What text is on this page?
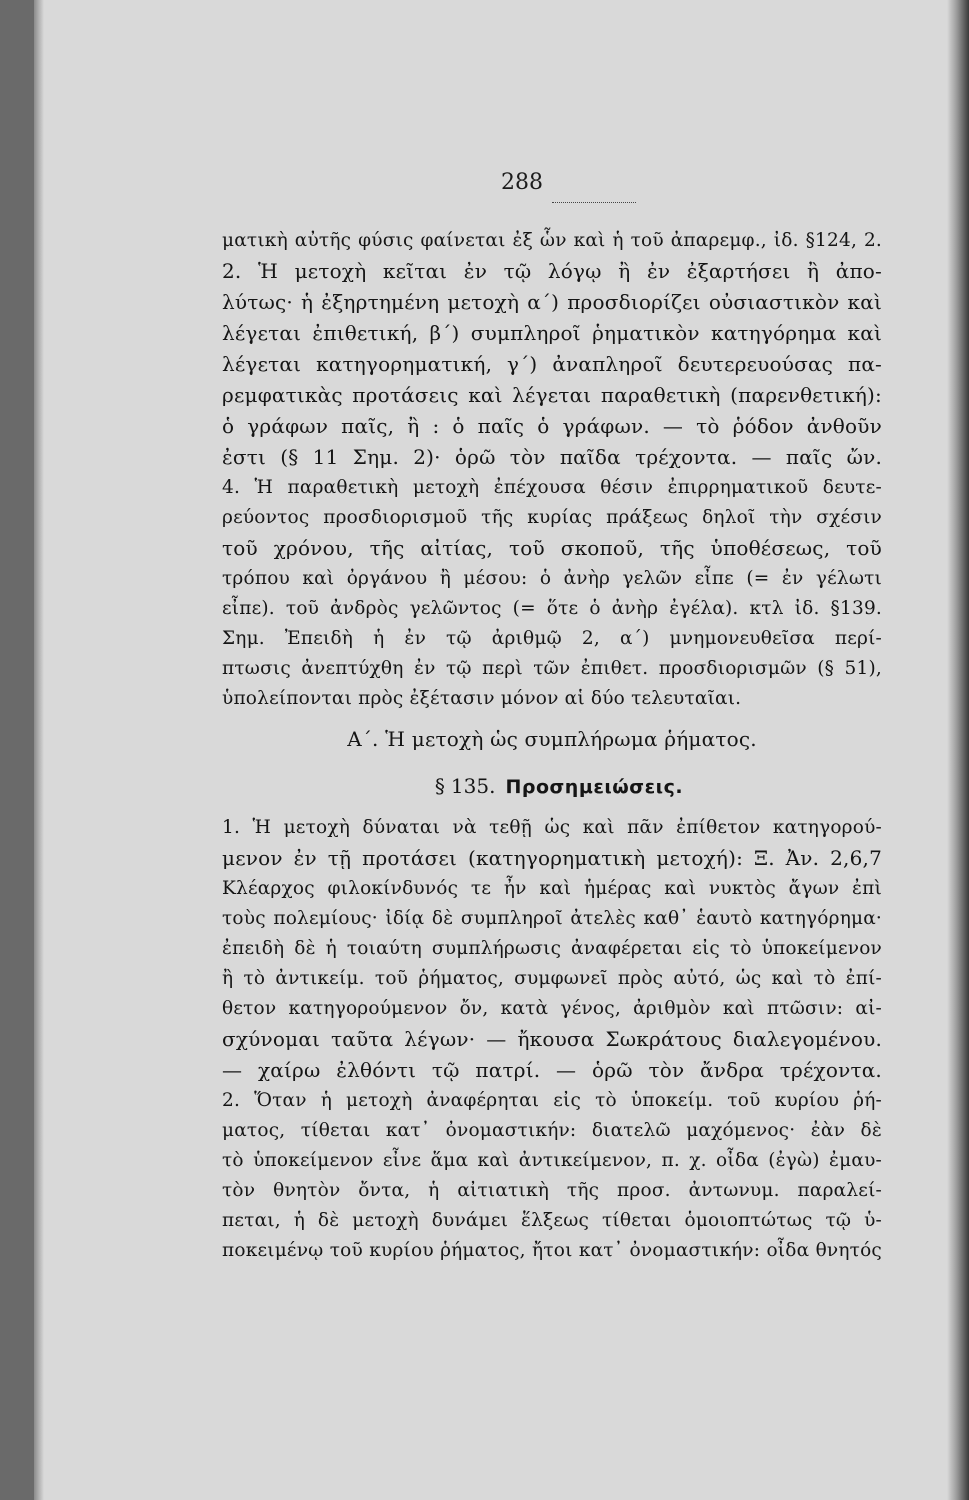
288
ματικὴ αὐτῆς φύσις φαίνεται ἐξ ὧν καὶ ἡ τοῦ ἀπαρεμφ., ἰδ. §124, 2.
2. Ἡ μετοχὴ κεῖται ἐν τῷ λόγῳ ἢ ἐν ἐξαρτήσει ἢ ἀπο-
λύτως· ἡ ἐξηρτημένη μετοχὴ α΄) προσδιορίζει οὐσιαστικὸν καὶ
λέγεται ἐπιθετική, β΄) συμπληροῖ ῥηματικὸν κατηγόρημα καὶ
λέγεται κατηγορηματική, γ΄) ἀναπληροῖ δευτερευούσας πα-
ρεμφατικὰς προτάσεις καὶ λέγεται παραθετικὴ (παρενθετική):
ὁ γράφων παῖς, ἢ : ὁ παῖς ὁ γράφων. — τὸ ῥόδον ἀνθοῦν
ἐστι (§ 11 Σημ. 2)· ὁρῶ τὸν παῖδα τρέχοντα. — παῖς ὤν.
4. Ἡ παραθετικὴ μετοχὴ ἐπέχουσα θέσιν ἐπιρρηματικοῦ δευτε-
ρεύοντος προσδιορισμοῦ τῆς κυρίας πράξεως δηλοῖ τὴν σχέσιν
τοῦ χρόνου, τῆς αἰτίας, τοῦ σκοποῦ, τῆς ὑποθέσεως, τοῦ
τρόπου καὶ ὀργάνου ἢ μέσου: ὁ ἀνὴρ γελῶν εἶπε (= ἐν γέλωτι
εἶπε). τοῦ ἀνδρὸς γελῶντος (= ὅτε ὁ ἀνὴρ ἐγέλα). κτλ ἰδ. §139.
Σημ. Ἐπειδὴ ἡ ἐν τῷ ἀριθμῷ 2, α΄) μνημονευθεῖσα περί-
πτωσις ἀνεπτύχθη ἐν τῷ περὶ τῶν ἐπιθετ. προσδιορισμῶν (§ 51),
ὑπολείπονται πρὸς ἐξέτασιν μόνον αἱ δύο τελευταῖαι.
Α΄. Ἡ μετοχὴ ὡς συμπλήρωμα ῥήματος.
§ 135. Προσημειώσεις.
1. Ἡ μετοχὴ δύναται νὰ τεθῇ ὡς καὶ πᾶν ἐπίθετον κατηγορού-
μενον ἐν τῇ προτάσει (κατηγορηματικὴ μετοχή): Ξ. Ἀν. 2,6,7
Κλέαρχος φιλοκίνδυνός τε ἦν καὶ ἡμέρας καὶ νυκτὸς ἄγων ἐπὶ
τοὺς πολεμίους· ἰδίᾳ δὲ συμπληροῖ ἀτελὲς καθ᾽ ἑαυτὸ κατηγόρημα·
ἐπειδὴ δὲ ἡ τοιαύτη συμπλήρωσις ἀναφέρεται εἰς τὸ ὑποκείμενον
ἢ τὸ ἀντικείμ. τοῦ ῥήματος, συμφωνεῖ πρὸς αὐτό, ὡς καὶ τὸ ἐπί-
θετον κατηγορούμενον ὄν, κατὰ γένος, ἀριθμὸν καὶ πτῶσιν: αἰ-
σχύνομαι ταῦτα λέγων· — ἤκουσα Σωκράτους διαλεγομένου.
— χαίρω ἐλθόντι τῷ πατρί. — ὁρῶ τὸν ἄνδρα τρέχοντα.
2. Ὅταν ἡ μετοχὴ ἀναφέρηται εἰς τὸ ὑποκείμ. τοῦ κυρίου ῥή-
ματος, τίθεται κατ᾽ ὀνομαστικήν: διατελῶ μαχόμενος· ἐὰν δὲ
τὸ ὑποκείμενον εἶνε ἅμα καὶ ἀντικείμενον, π. χ. οἶδα (ἐγὼ) ἐμαυ-
τὸν θνητὸν ὄντα, ἡ αἰτιατικὴ τῆς προσ. ἀντωνυμ. παραλεί-
πεται, ἡ δὲ μετοχὴ δυνάμει ἕλξεως τίθεται ὁμοιοπτώτως τῷ ὑ-
ποκειμένῳ τοῦ κυρίου ῥήματος, ἤτοι κατ᾽ ὀνομαστικήν: οἶδα θνητός
